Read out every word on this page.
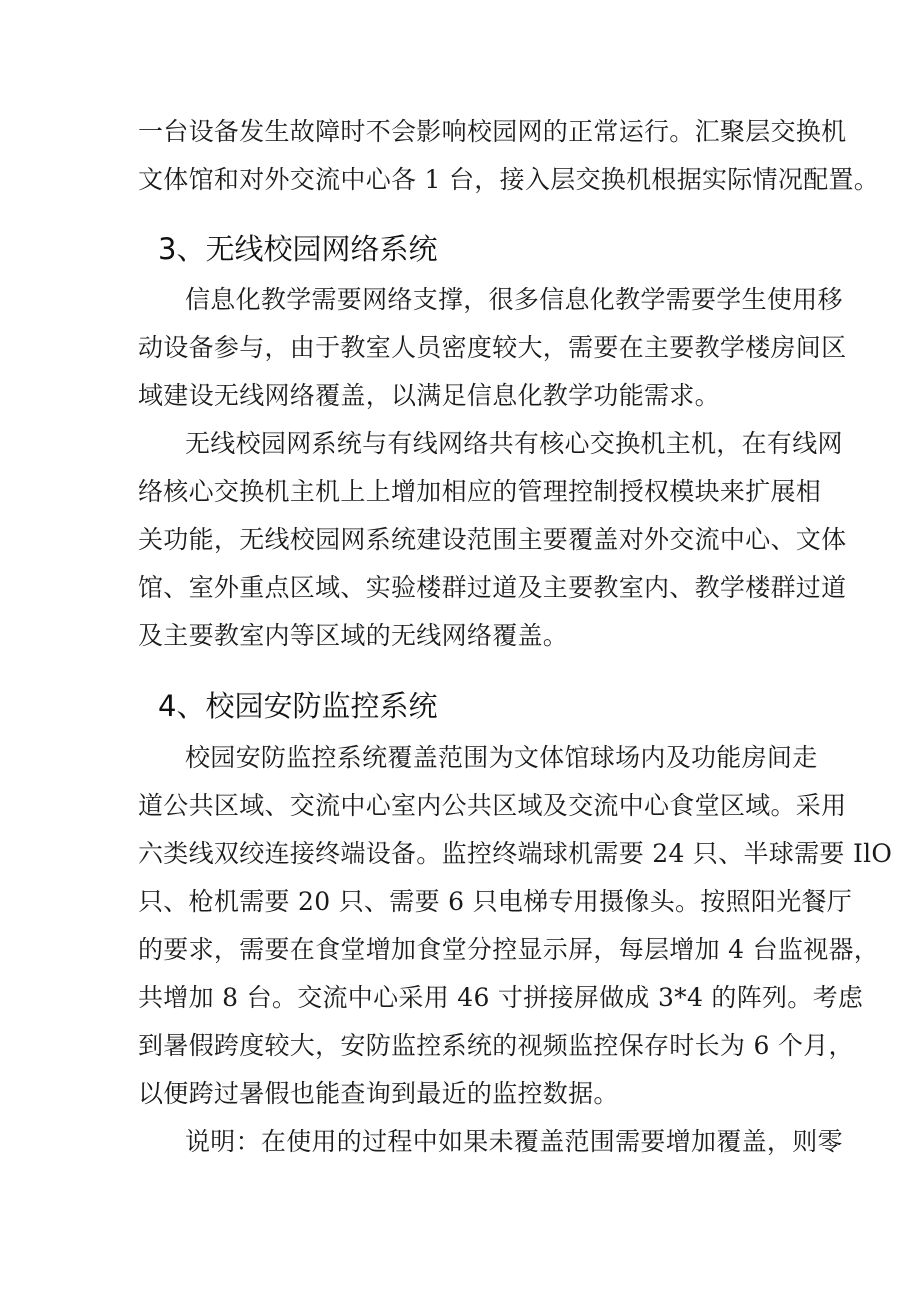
一台设备发生故障时不会影响校园网的正常运行。汇聚层交换机
文体馆和对外交流中心各 1 台，接入层交换机根据实际情况配置。
3、无线校园网络系统
信息化教学需要网络支撑，很多信息化教学需要学生使用移
动设备参与，由于教室人员密度较大，需要在主要教学楼房间区
域建设无线网络覆盖，以满足信息化教学功能需求。
无线校园网系统与有线网络共有核心交换机主机，在有线网
络核心交换机主机上上增加相应的管理控制授权模块来扩展相
关功能，无线校园网系统建设范围主要覆盖对外交流中心、文体
馆、室外重点区域、实验楼群过道及主要教室内、教学楼群过道
及主要教室内等区域的无线网络覆盖。
4、校园安防监控系统
校园安防监控系统覆盖范围为文体馆球场内及功能房间走
道公共区域、交流中心室内公共区域及交流中心食堂区域。采用
六类线双绞连接终端设备。监控终端球机需要 24 只、半球需要 IlO
只、枪机需要 20 只、需要 6 只电梯专用摄像头。按照阳光餐厅
的要求，需要在食堂增加食堂分控显示屏，每层增加 4 台监视器，
共增加 8 台。交流中心采用 46 寸拼接屏做成 3*4 的阵列。考虑
到暑假跨度较大，安防监控系统的视频监控保存时长为 6 个月，
以便跨过暑假也能查询到最近的监控数据。
说明：在使用的过程中如果未覆盖范围需要增加覆盖，则零
